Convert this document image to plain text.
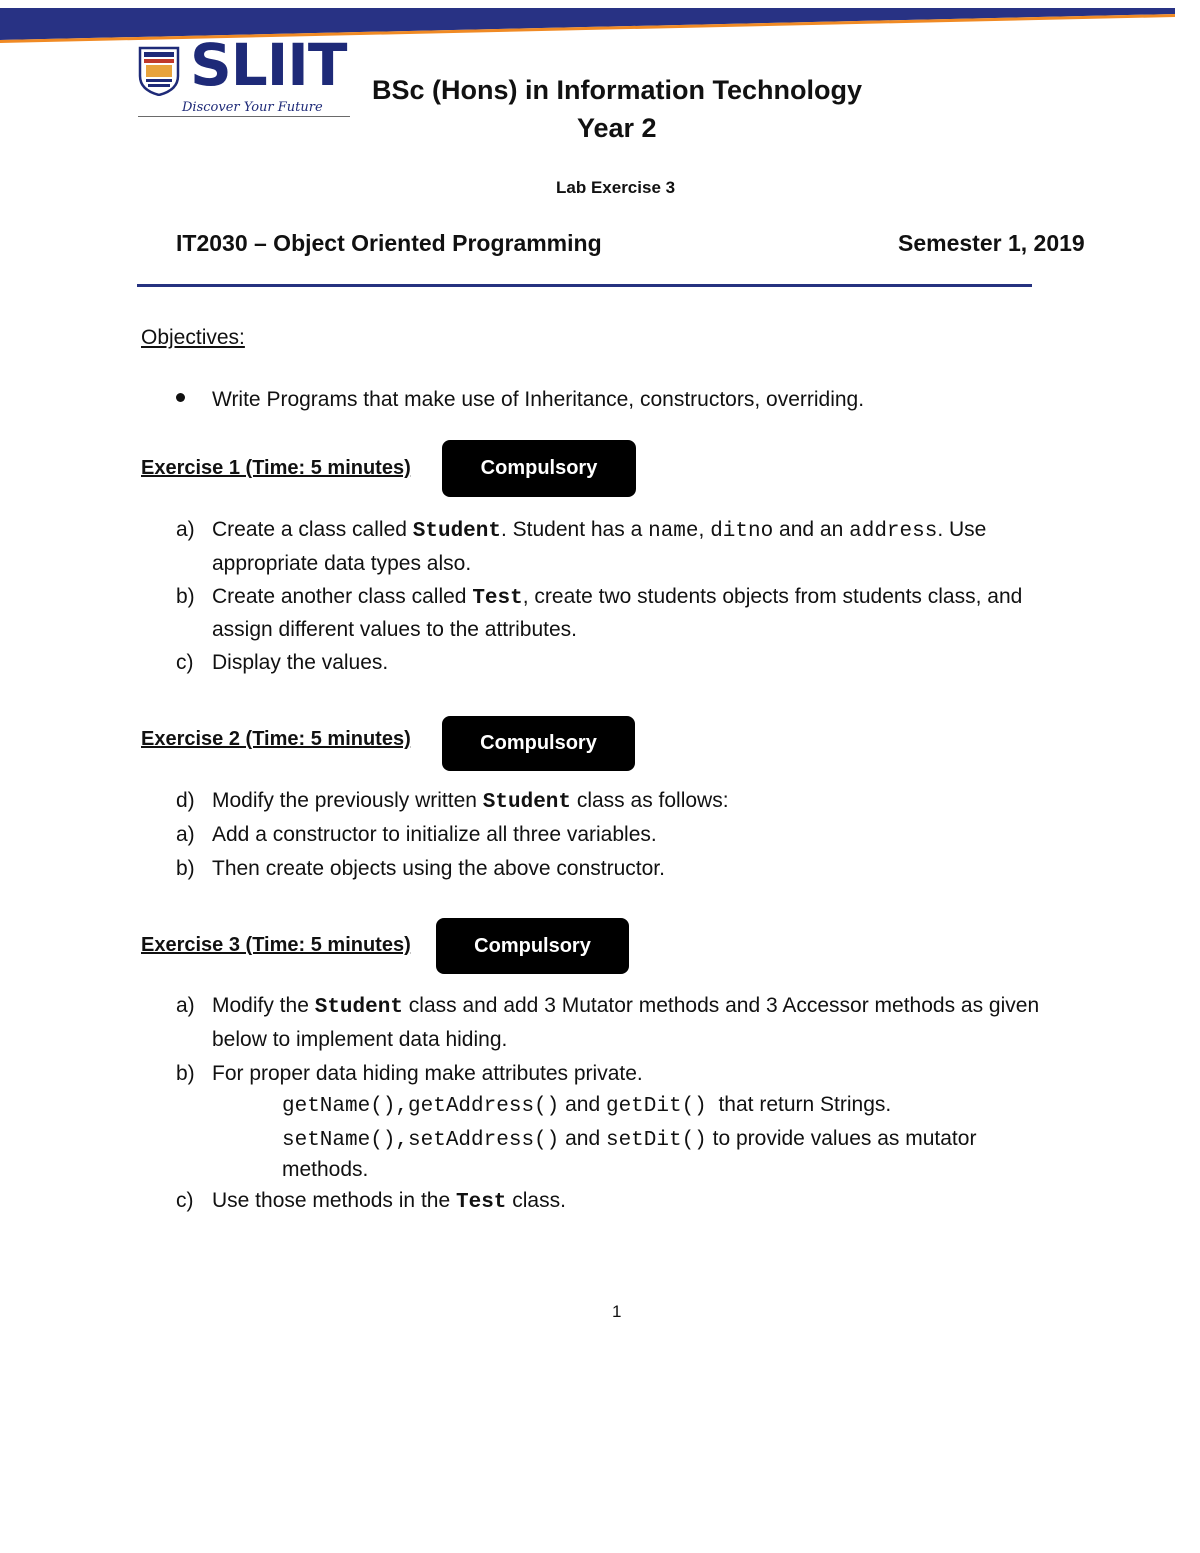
SLIIT
Discover Your Future
BSc (Hons) in Information Technology
Year 2
Lab Exercise 3
IT2030 – Object Oriented Programming	Semester 1, 2019
Objectives:
Write Programs that make use of Inheritance, constructors, overriding.
Exercise 1 (Time: 5 minutes)	Compulsory
a) Create a class called Student. Student has a name, ditno and an address. Use
appropriate data types also.
b) Create another class called Test, create two students objects from students class, and
assign different values to the attributes.
c) Display the values.
Exercise 2 (Time: 5 minutes)	Compulsory
d) Modify the previously written Student class as follows:
a) Add a constructor to initialize all three variables.
b) Then create objects using the above constructor.
Exercise 3 (Time: 5 minutes)	Compulsory
a) Modify the Student class and add 3 Mutator methods and 3 Accessor methods as given
below to implement data hiding.
b) For proper data hiding make attributes private.
getName(),getAddress() and getDit()  that return Strings.
setName(),setAddress() and setDit() to provide values as mutator
methods.
c) Use those methods in the Test class.
1
